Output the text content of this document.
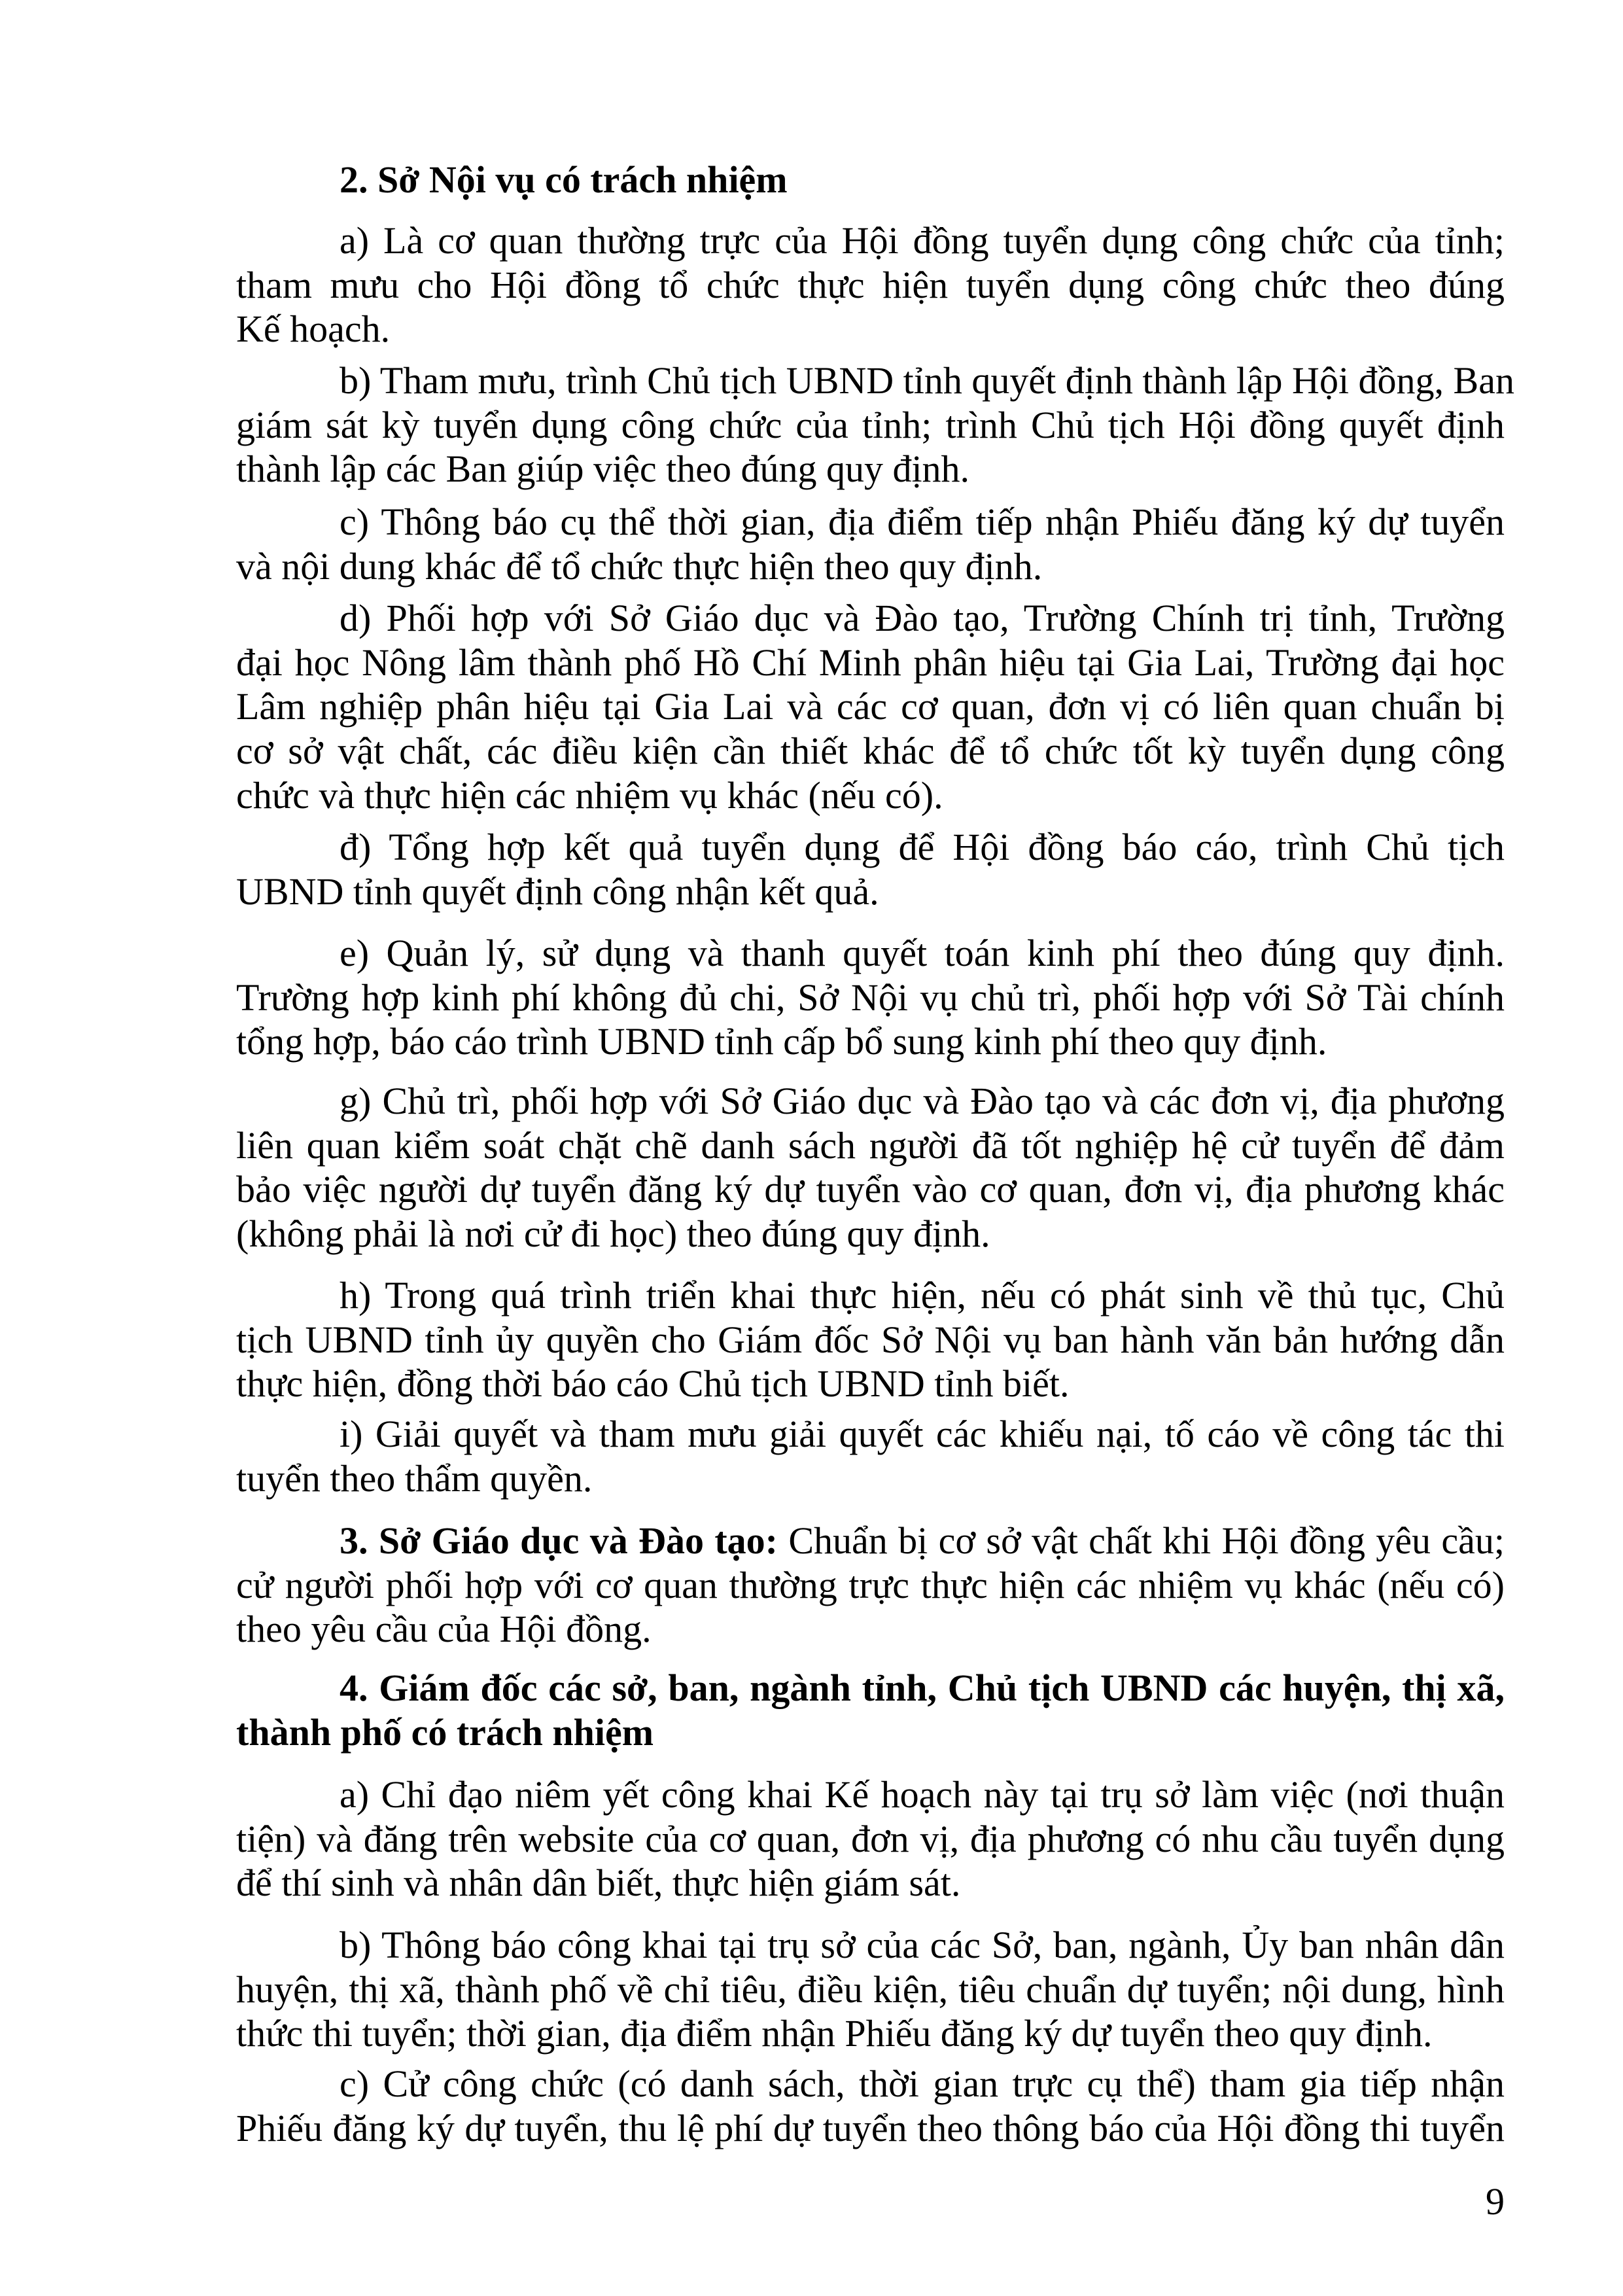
2. Sở Nội vụ có trách nhiệm
a) Là cơ quan thường trực của Hội đồng tuyển dụng công chức của tỉnh;
tham mưu cho Hội đồng tổ chức thực hiện tuyển dụng công chức theo đúng
Kế hoạch.
b) Tham mưu, trình Chủ tịch UBND tỉnh quyết định thành lập Hội đồng, Ban
giám sát kỳ tuyển dụng công chức của tỉnh; trình Chủ tịch Hội đồng quyết định
thành lập các Ban giúp việc theo đúng quy định.
c) Thông báo cụ thể thời gian, địa điểm tiếp nhận Phiếu đăng ký dự tuyển
và nội dung khác để tổ chức thực hiện theo quy định.
d) Phối hợp với Sở Giáo dục và Đào tạo, Trường Chính trị tỉnh, Trường
đại học Nông lâm thành phố Hồ Chí Minh phân hiệu tại Gia Lai, Trường đại học
Lâm nghiệp phân hiệu tại Gia Lai và các cơ quan, đơn vị có liên quan chuẩn bị
cơ sở vật chất, các điều kiện cần thiết khác để tổ chức tốt kỳ tuyển dụng công
chức và thực hiện các nhiệm vụ khác (nếu có).
đ) Tổng hợp kết quả tuyển dụng để Hội đồng báo cáo, trình Chủ tịch
UBND tỉnh quyết định công nhận kết quả.
e) Quản lý, sử dụng và thanh quyết toán kinh phí theo đúng quy định.
Trường hợp kinh phí không đủ chi, Sở Nội vụ chủ trì, phối hợp với Sở Tài chính
tổng hợp, báo cáo trình UBND tỉnh cấp bổ sung kinh phí theo quy định.
g) Chủ trì, phối hợp với Sở Giáo dục và Đào tạo và các đơn vị, địa phương
liên quan kiểm soát chặt chẽ danh sách người đã tốt nghiệp hệ cử tuyển để đảm
bảo việc người dự tuyển đăng ký dự tuyển vào cơ quan, đơn vị, địa phương khác
(không phải là nơi cử đi học) theo đúng quy định.
h) Trong quá trình triển khai thực hiện, nếu có phát sinh về thủ tục, Chủ
tịch UBND tỉnh ủy quyền cho Giám đốc Sở Nội vụ ban hành văn bản hướng dẫn
thực hiện, đồng thời báo cáo Chủ tịch UBND tỉnh biết.
i) Giải quyết và tham mưu giải quyết các khiếu nại, tố cáo về công tác thi
tuyển theo thẩm quyền.
3. Sở Giáo dục và Đào tạo: Chuẩn bị cơ sở vật chất khi Hội đồng yêu cầu;
cử người phối hợp với cơ quan thường trực thực hiện các nhiệm vụ khác (nếu có)
theo yêu cầu của Hội đồng.
4. Giám đốc các sở, ban, ngành tỉnh, Chủ tịch UBND các huyện, thị xã,
thành phố có trách nhiệm
a) Chỉ đạo niêm yết công khai Kế hoạch này tại trụ sở làm việc (nơi thuận
tiện) và đăng trên website của cơ quan, đơn vị, địa phương có nhu cầu tuyển dụng
để thí sinh và nhân dân biết, thực hiện giám sát.
b) Thông báo công khai tại trụ sở của các Sở, ban, ngành, Ủy ban nhân dân
huyện, thị xã, thành phố về chỉ tiêu, điều kiện, tiêu chuẩn dự tuyển; nội dung, hình
thức thi tuyển; thời gian, địa điểm nhận Phiếu đăng ký dự tuyển theo quy định.
c) Cử công chức (có danh sách, thời gian trực cụ thể) tham gia tiếp nhận
Phiếu đăng ký dự tuyển, thu lệ phí dự tuyển theo thông báo của Hội đồng thi tuyển
9
